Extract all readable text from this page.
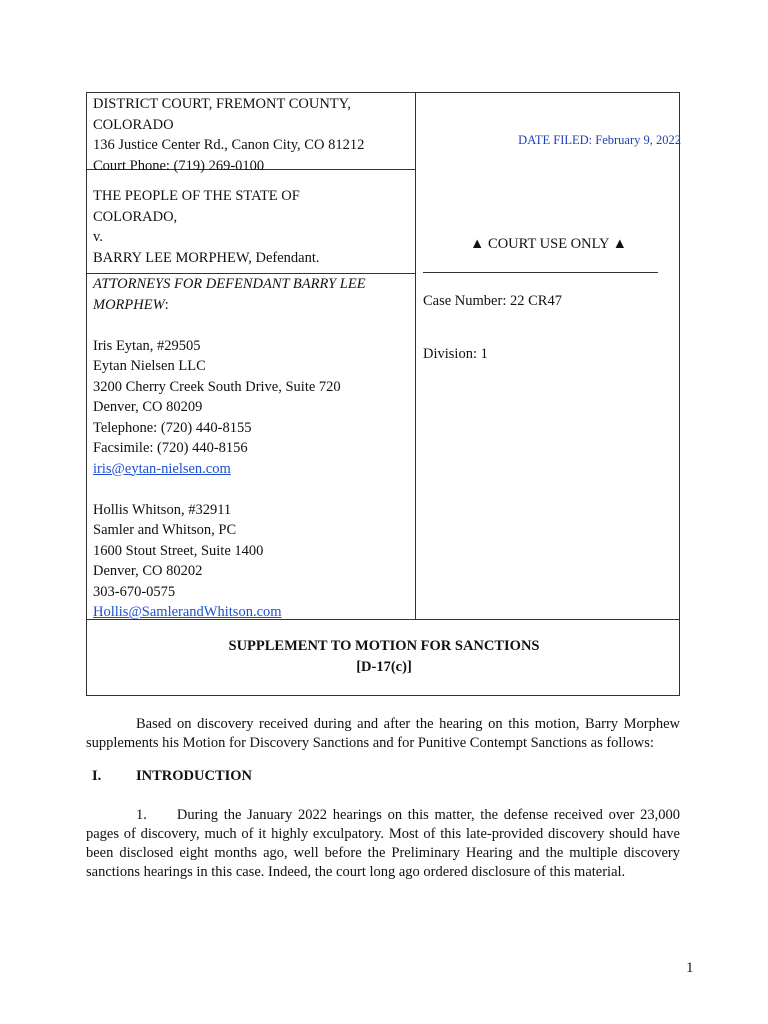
DISTRICT COURT, FREMONT COUNTY,
COLORADO
136 Justice Center Rd., Canon City, CO 81212
Court Phone: (719) 269-0100
DATE FILED: February 9, 2022
THE PEOPLE OF THE STATE OF
COLORADO,
v.
BARRY LEE MORPHEW, Defendant.
▲ COURT USE ONLY ▲
ATTORNEYS FOR DEFENDANT BARRY LEE
MORPHEW:
Iris Eytan, #29505
Eytan Nielsen LLC
3200 Cherry Creek South Drive, Suite 720
Denver, CO 80209
Telephone: (720) 440-8155
Facsimile: (720) 440-8156
iris@eytan-nielsen.com
Hollis Whitson, #32911
Samler and Whitson, PC
1600 Stout Street, Suite 1400
Denver, CO 80202
303-670-0575
Hollis@SamlerandWhitson.com
Case Number: 22 CR47
Division: 1
SUPPLEMENT TO MOTION FOR SANCTIONS
[D-17(c)]
Based on discovery received during and after the hearing on this motion, Barry Morphew supplements his Motion for Discovery Sanctions and for Punitive Contempt Sanctions as follows:
I. INTRODUCTION
1. During the January 2022 hearings on this matter, the defense received over 23,000 pages of discovery, much of it highly exculpatory. Most of this late-provided discovery should have been disclosed eight months ago, well before the Preliminary Hearing and the multiple discovery sanctions hearings in this case. Indeed, the court long ago ordered disclosure of this material.
1
